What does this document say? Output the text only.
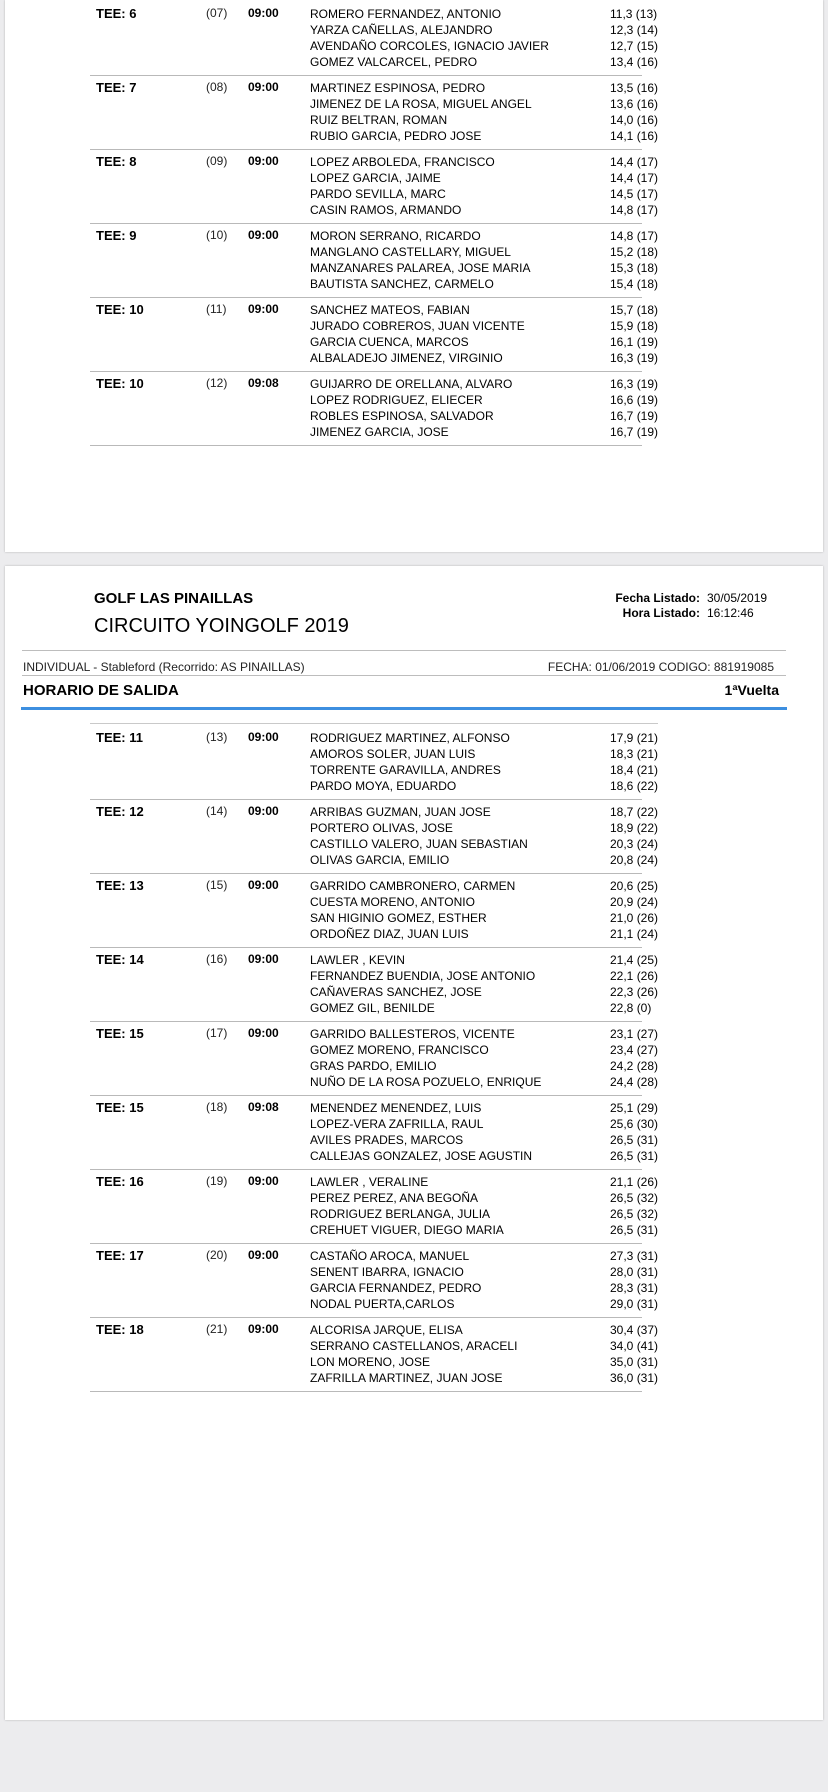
TEE: 6	(07) 09:00	ROMERO FERNANDEZ, ANTONIO	11,3 (13)
YARZA CAÑELLAS, ALEJANDRO	12,3 (14)
AVENDAÑO CORCOLES, IGNACIO JAVIER	12,7 (15)
GOMEZ VALCARCEL, PEDRO	13,4 (16)
TEE: 7	(08) 09:00	MARTINEZ ESPINOSA, PEDRO	13,5 (16)
JIMENEZ DE LA ROSA, MIGUEL ANGEL	13,6 (16)
RUIZ BELTRAN, ROMAN	14,0 (16)
RUBIO GARCIA, PEDRO JOSE	14,1 (16)
TEE: 8	(09) 09:00	LOPEZ ARBOLEDA, FRANCISCO	14,4 (17)
LOPEZ GARCIA, JAIME	14,4 (17)
PARDO SEVILLA, MARC	14,5 (17)
CASIN RAMOS, ARMANDO	14,8 (17)
TEE: 9	(10) 09:00	MORON SERRANO, RICARDO	14,8 (17)
MANGLANO CASTELLARY, MIGUEL	15,2 (18)
MANZANARES PALAREA, JOSE MARIA	15,3 (18)
BAUTISTA SANCHEZ, CARMELO	15,4 (18)
TEE: 10	(11) 09:00	SANCHEZ MATEOS, FABIAN	15,7 (18)
JURADO COBREROS, JUAN VICENTE	15,9 (18)
GARCIA CUENCA, MARCOS	16,1 (19)
ALBALADEJO JIMENEZ, VIRGINIO	16,3 (19)
TEE: 10	(12) 09:08	GUIJARRO DE ORELLANA, ALVARO	16,3 (19)
LOPEZ RODRIGUEZ, ELIECER	16,6 (19)
ROBLES ESPINOSA, SALVADOR	16,7 (19)
JIMENEZ GARCIA, JOSE	16,7 (19)
GOLF LAS PINAILLAS
CIRCUITO YOINGOLF 2019
Fecha Listado: 30/05/2019
Hora Listado: 16:12:46
INDIVIDUAL - Stableford (Recorrido: AS PINAILLAS)	FECHA: 01/06/2019 CODIGO: 881919085
HORARIO DE SALIDA	1ªVuelta
TEE: 11	(13) 09:00	RODRIGUEZ MARTINEZ, ALFONSO	17,9 (21)
AMOROS SOLER, JUAN LUIS	18,3 (21)
TORRENTE GARAVILLA, ANDRES	18,4 (21)
PARDO MOYA, EDUARDO	18,6 (22)
TEE: 12	(14) 09:00	ARRIBAS GUZMAN, JUAN JOSE	18,7 (22)
PORTERO OLIVAS, JOSE	18,9 (22)
CASTILLO VALERO, JUAN SEBASTIAN	20,3 (24)
OLIVAS GARCIA, EMILIO	20,8 (24)
TEE: 13	(15) 09:00	GARRIDO CAMBRONERO, CARMEN	20,6 (25)
CUESTA MORENO, ANTONIO	20,9 (24)
SAN HIGINIO GOMEZ, ESTHER	21,0 (26)
ORDOÑEZ DIAZ, JUAN LUIS	21,1 (24)
TEE: 14	(16) 09:00	LAWLER , KEVIN	21,4 (25)
FERNANDEZ BUENDIA, JOSE ANTONIO	22,1 (26)
CAÑAVERAS SANCHEZ, JOSE	22,3 (26)
GOMEZ GIL, BENILDE	22,8 (0)
TEE: 15	(17) 09:00	GARRIDO BALLESTEROS, VICENTE	23,1 (27)
GOMEZ MORENO, FRANCISCO	23,4 (27)
GRAS PARDO, EMILIO	24,2 (28)
NUÑO DE LA ROSA POZUELO, ENRIQUE	24,4 (28)
TEE: 15	(18) 09:08	MENENDEZ MENENDEZ, LUIS	25,1 (29)
LOPEZ-VERA ZAFRILLA, RAUL	25,6 (30)
AVILES PRADES, MARCOS	26,5 (31)
CALLEJAS GONZALEZ, JOSE AGUSTIN	26,5 (31)
TEE: 16	(19) 09:00	LAWLER , VERALINE	21,1 (26)
PEREZ PEREZ, ANA BEGOÑA	26,5 (32)
RODRIGUEZ BERLANGA, JULIA	26,5 (32)
CREHUET VIGUER, DIEGO MARIA	26,5 (31)
TEE: 17	(20) 09:00	CASTAÑO AROCA, MANUEL	27,3 (31)
SENENT IBARRA, IGNACIO	28,0 (31)
GARCIA FERNANDEZ, PEDRO	28,3 (31)
NODAL PUERTA,CARLOS	29,0 (31)
TEE: 18	(21) 09:00	ALCORISA JARQUE, ELISA	30,4 (37)
SERRANO CASTELLANOS, ARACELI	34,0 (41)
LON MORENO, JOSE	35,0 (31)
ZAFRILLA MARTINEZ, JUAN JOSE	36,0 (31)
